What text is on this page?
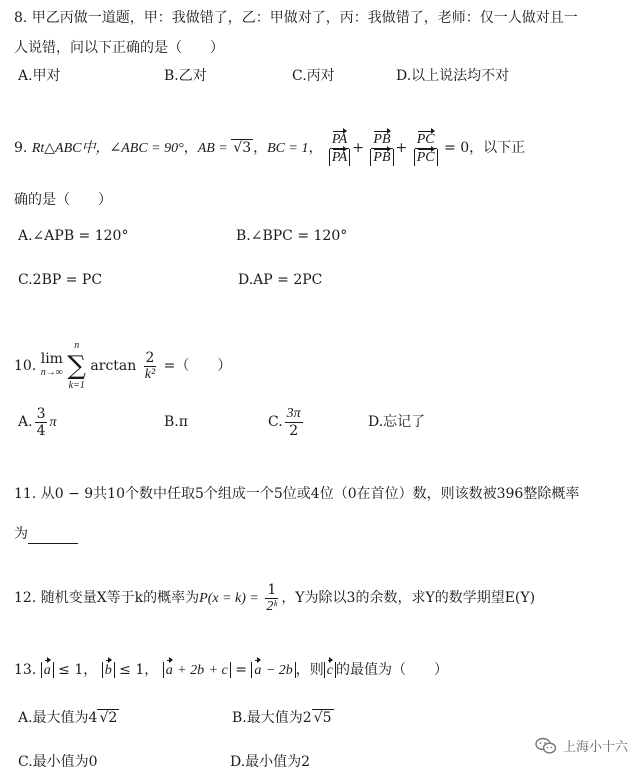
8. 甲乙丙做一道题，甲：我做错了，乙：甲做对了，丙：我做错了，老师：仅一人做对且一
人说错，问以下正确的是（　　）
A.甲对	B.乙对	C.丙对	D.以上说法均不对
9. Rt△ABC中，∠ABC = 90°，AB = √3 ，BC = 1， $\frac{PA}{PA} + \frac{PB}{PB} + \frac{PC}{PC} = 0$，以下正
确的是（　　）
A.∠APB = 120°	B.∠BPC = 120°
C.2BP = PC	D.AP = 2PC
10. lim
n→∞

n
∑
k=1
$\arctan \frac{2}{\text{k²}}$ =（　　）
A. $\frac{3}{4}$ π	B.π	C. $\frac{3\pi}{2}$	D.忘记了
11. 从0 − 9共10个数中任取5个组成一个5位或4位（0在首位）数，则该数被396整除概率
为
12. 随机变量X等于k的概率为$P(x = k) = \frac{1}{\text{2ᵏ}}$ ，Y为除以3的余数，求Y的数学期望E(Y)
13. a ≤ 1， b ≤ 1， a + 2b + c = a − 2b ，则 c 的最值为（　　）
A.最大值为4 √2	B.最大值为2 √5
C.最小值为0	D.最小值为2
上海小十六
